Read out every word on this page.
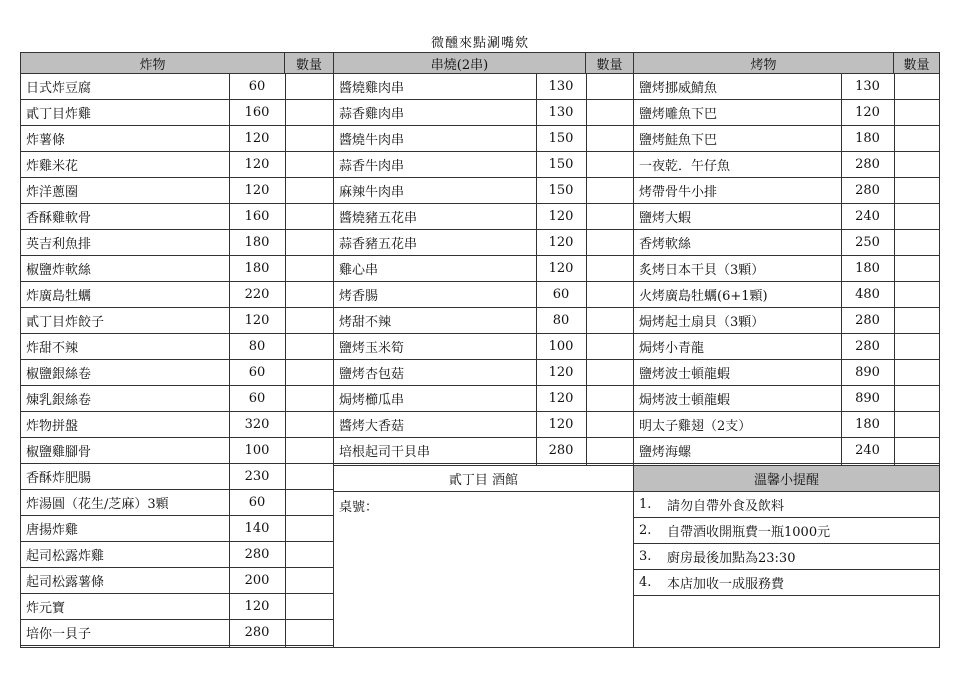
微醺來點涮嘴欸
炸物	數量
日式炸豆腐	60
貳丁目炸雞	160
炸薯條	120
炸雞米花	120
炸洋蔥圈	120
香酥雞軟骨	160
英吉利魚排	180
椒鹽炸軟絲	180
炸廣島牡蠣	220
貳丁目炸餃子	120
炸甜不辣	80
椒鹽銀絲卷	60
煉乳銀絲卷	60
炸物拼盤	320
椒鹽雞腳骨	100
香酥炸肥腸	230
炸湯圓（花生/芝麻）3顆	60
唐揚炸雞	140
起司松露炸雞	280
起司松露薯條	200
炸元寶	120
培你一貝子	280
串燒(2串)	數量
醬燒雞肉串	130
蒜香雞肉串	130
醬燒牛肉串	150
蒜香牛肉串	150
麻辣牛肉串	150
醬燒豬五花串	120
蒜香豬五花串	120
雞心串	120
烤香腸	60
烤甜不辣	80
鹽烤玉米筍	100
鹽烤杏包菇	120
焗烤櫛瓜串	120
醬烤大香菇	120
培根起司干貝串	280
貳丁目 酒館
桌號：
烤物	數量
鹽烤挪威鯖魚	130
鹽烤雕魚下巴	120
鹽烤鮭魚下巴	180
一夜乾．午仔魚	280
烤帶骨牛小排	280
鹽烤大蝦	240
香烤軟絲	250
炙烤日本干貝（3顆）	180
火烤廣島牡蠣(6+1顆)	480
焗烤起士扇貝（3顆）	280
焗烤小青龍	280
鹽烤波士頓龍蝦	890
焗烤波士頓龍蝦	890
明太子雞翅（2支）	180
鹽烤海螺	240
溫馨小提醒
1.	請勿自帶外食及飲料
2.	自帶酒收開瓶費一瓶1000元
3.	廚房最後加點為23:30
4.	本店加收一成服務費
